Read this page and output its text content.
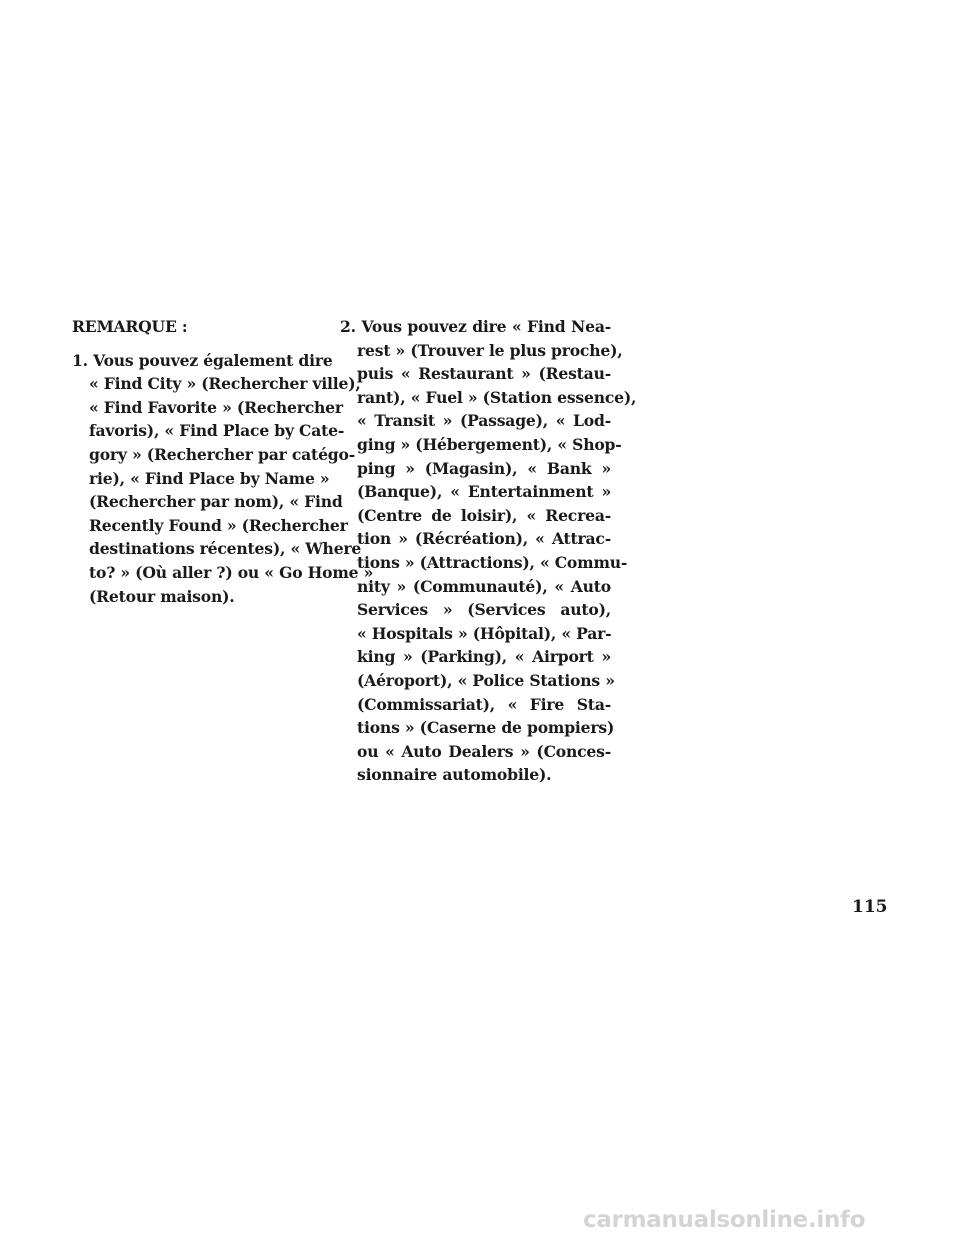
REMARQUE :
1. Vous pouvez également dire
« Find City » (Rechercher ville),
« Find Favorite » (Rechercher
favoris), « Find Place by Cate-
gory » (Rechercher par catégo-
rie), « Find Place by Name »
(Rechercher par nom), « Find
Recently Found » (Rechercher
destinations récentes), « Where
to? » (Où aller ?) ou « Go Home »
(Retour maison).
2. Vous pouvez dire « Find Nea-
rest » (Trouver le plus proche),
puis « Restaurant » (Restau-
rant), « Fuel » (Station essence),
« Transit » (Passage), « Lod-
ging » (Hébergement), « Shop-
ping » (Magasin), « Bank »
(Banque), « Entertainment »
(Centre de loisir), « Recrea-
tion » (Récréation), « Attrac-
tions » (Attractions), « Commu-
nity » (Communauté), « Auto
Services » (Services auto),
« Hospitals » (Hôpital), « Par-
king » (Parking), « Airport »
(Aéroport), « Police Stations »
(Commissariat), « Fire Sta-
tions » (Caserne de pompiers)
ou « Auto Dealers » (Conces-
sionnaire automobile).
115
carmanualsonline.info
